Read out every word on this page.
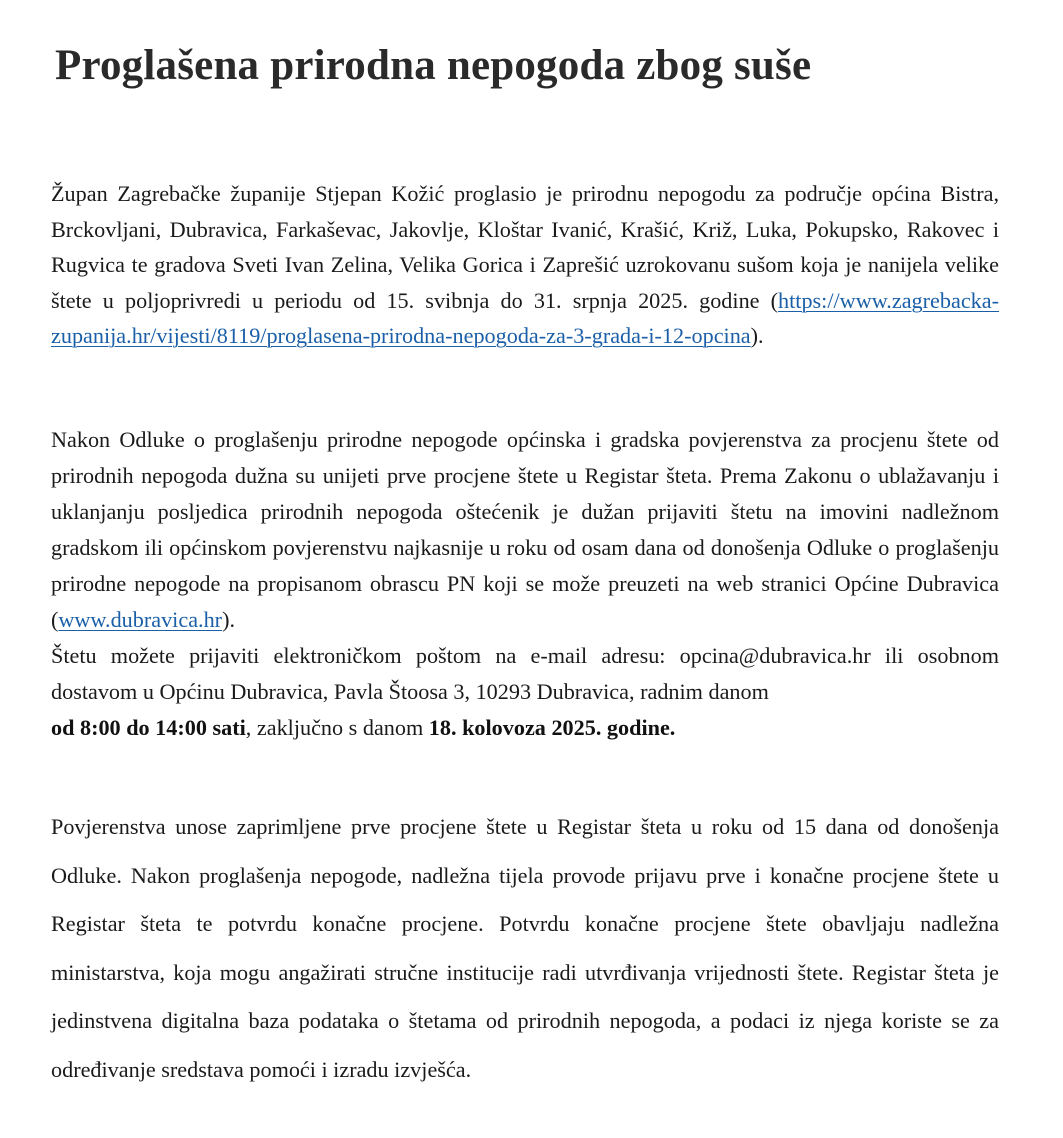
Proglašena prirodna nepogoda zbog suše

Župan Zagrebačke županije Stjepan Kožić proglasio je prirodnu nepogodu za područje općina Bistra, Brckovljani, Dubravica, Farkaševac, Jakovlje, Kloštar Ivanić, Krašić, Križ, Luka, Pokupsko, Rakovec i Rugvica te gradova Sveti Ivan Zelina, Velika Gorica i Zaprešić uzrokovanu sušom koja je nanijela velike štete u poljoprivredi u periodu od 15. svibnja do 31. srpnja 2025. godine (https://www.zagrebacka-zupanija.hr/vijesti/8119/proglasena-prirodna-nepogoda-za-3-grada-i-12-opcina).

Nakon Odluke o proglašenju prirodne nepogode općinska i gradska povjerenstva za procjenu štete od prirodnih nepogoda dužna su unijeti prve procjene štete u Registar šteta. Prema Zakonu o ublažavanju i uklanjanju posljedica prirodnih nepogoda oštećenik je dužan prijaviti štetu na imovini nadležnom gradskom ili općinskom povjerenstvu najkasnije u roku od osam dana od donošenja Odluke o proglašenju prirodne nepogode na propisanom obrascu PN koji se može preuzeti na web stranici Općine Dubravica (www.dubravica.hr).
Štetu možete prijaviti elektroničkom poštom na e-mail adresu: opcina@dubravica.hr ili osobnom dostavom u Općinu Dubravica, Pavla Štoosa 3, 10293 Dubravica, radnim danom
od 8:00 do 14:00 sati, zaključno s danom 18. kolovoza 2025. godine.

Povjerenstva unose zaprimljene prve procjene štete u Registar šteta u roku od 15 dana od donošenja Odluke. Nakon proglašenja nepogode, nadležna tijela provode prijavu prve i konačne procjene štete u Registar šteta te potvrdu konačne procjene. Potvrdu konačne procjene štete obavljaju nadležna ministarstva, koja mogu angažirati stručne institucije radi utvrđivanja vrijednosti štete. Registar šteta je jedinstvena digitalna baza podataka o štetama od prirodnih nepogoda, a podaci iz njega koriste se za određivanje sredstava pomoći i izradu izvješća.
